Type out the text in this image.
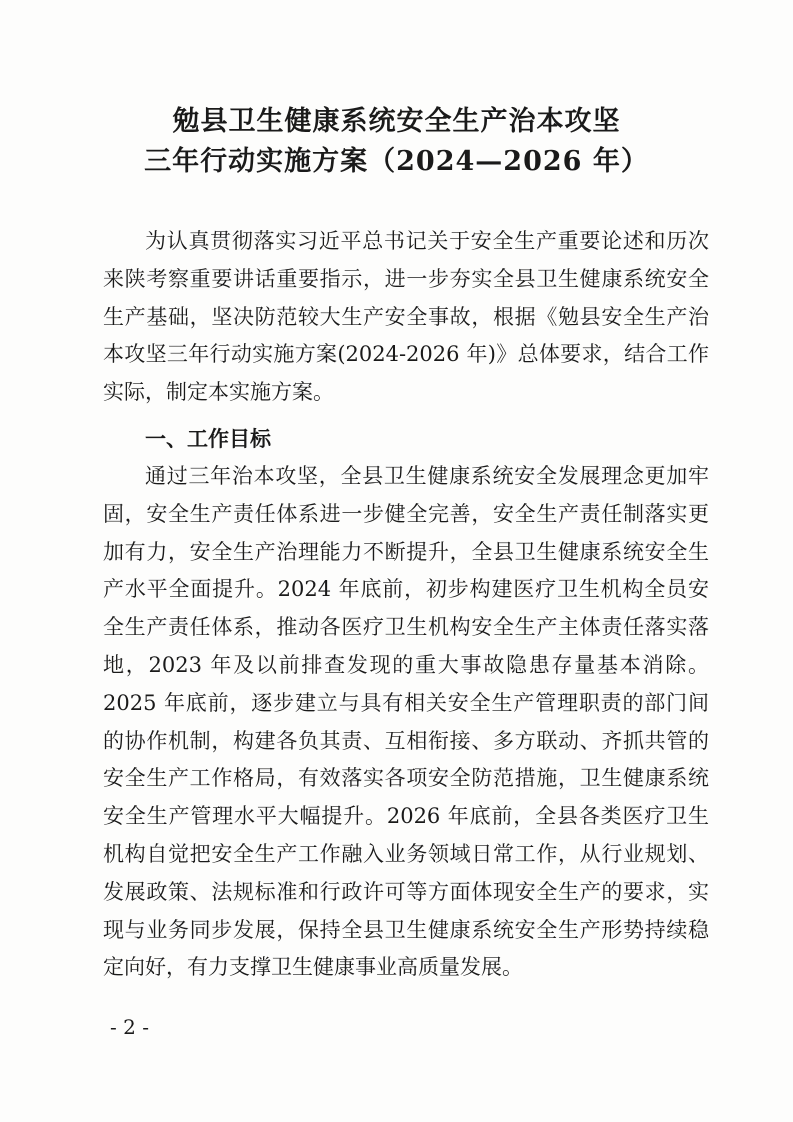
勉县卫生健康系统安全生产治本攻坚
三年行动实施方案（2024—2026 年）

为认真贯彻落实习近平总书记关于安全生产重要论述和历次来陕考察重要讲话重要指示，进一步夯实全县卫生健康系统安全生产基础，坚决防范较大生产安全事故，根据《勉县安全生产治本攻坚三年行动实施方案(2024-2026 年)》总体要求，结合工作实际，制定本实施方案。

一、工作目标

通过三年治本攻坚，全县卫生健康系统安全发展理念更加牢固，安全生产责任体系进一步健全完善，安全生产责任制落实更加有力，安全生产治理能力不断提升，全县卫生健康系统安全生产水平全面提升。2024 年底前，初步构建医疗卫生机构全员安全生产责任体系，推动各医疗卫生机构安全生产主体责任落实落地，2023 年及以前排查发现的重大事故隐患存量基本消除。2025 年底前，逐步建立与具有相关安全生产管理职责的部门间的协作机制，构建各负其责、互相衔接、多方联动、齐抓共管的安全生产工作格局，有效落实各项安全防范措施，卫生健康系统安全生产管理水平大幅提升。2026 年底前，全县各类医疗卫生机构自觉把安全生产工作融入业务领域日常工作，从行业规划、发展政策、法规标准和行政许可等方面体现安全生产的要求，实现与业务同步发展，保持全县卫生健康系统安全生产形势持续稳定向好，有力支撑卫生健康事业高质量发展。

- 2 -
